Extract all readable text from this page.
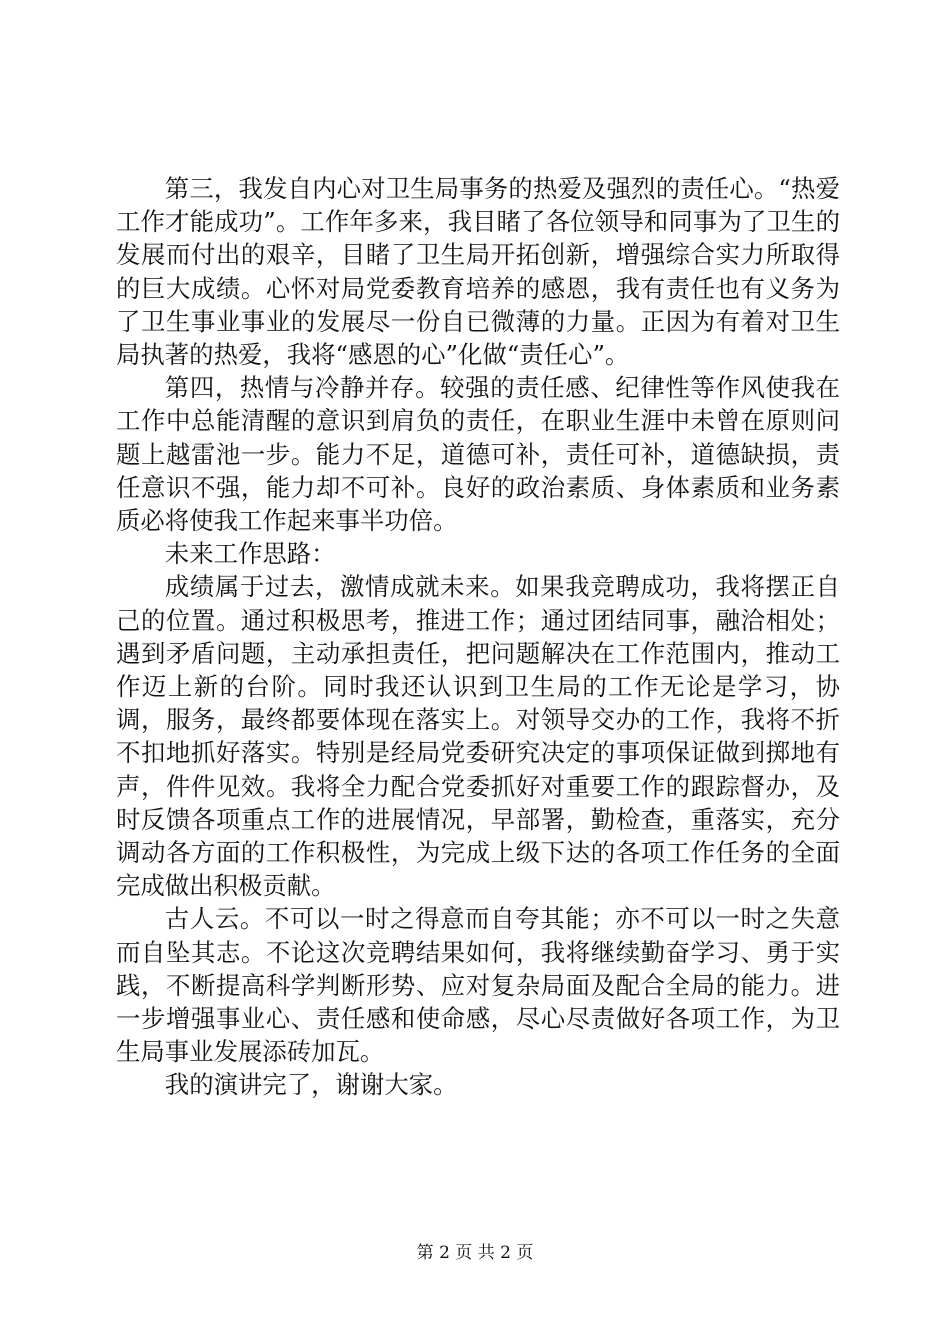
第三，我发自内心对卫生局事务的热爱及强烈的责任心。“热爱工作才能成功”。工作年多来，我目睹了各位领导和同事为了卫生的发展而付出的艰辛，目睹了卫生局开拓创新，增强综合实力所取得的巨大成绩。心怀对局党委教育培养的感恩，我有责任也有义务为了卫生事业事业的发展尽一份自已微薄的力量。正因为有着对卫生局执著的热爱，我将“感恩的心”化做“责任心”。

第四，热情与冷静并存。较强的责任感、纪律性等作风使我在工作中总能清醒的意识到肩负的责任，在职业生涯中未曾在原则问题上越雷池一步。能力不足，道德可补，责任可补，道德缺损，责任意识不强，能力却不可补。良好的政治素质、身体素质和业务素质必将使我工作起来事半功倍。

未来工作思路：

成绩属于过去，激情成就未来。如果我竞聘成功，我将摆正自己的位置。通过积极思考，推进工作；通过团结同事，融洽相处；遇到矛盾问题，主动承担责任，把问题解决在工作范围内，推动工作迈上新的台阶。同时我还认识到卫生局的工作无论是学习，协调，服务，最终都要体现在落实上。对领导交办的工作，我将不折不扣地抓好落实。特别是经局党委研究决定的事项保证做到掷地有声，件件见效。我将全力配合党委抓好对重要工作的跟踪督办，及时反馈各项重点工作的进展情况，早部署，勤检查，重落实，充分调动各方面的工作积极性，为完成上级下达的各项工作任务的全面完成做出积极贡献。

古人云。不可以一时之得意而自夸其能；亦不可以一时之失意而自坠其志。不论这次竞聘结果如何，我将继续勤奋学习、勇于实践，不断提高科学判断形势、应对复杂局面及配合全局的能力。进一步增强事业心、责任感和使命感，尽心尽责做好各项工作，为卫生局事业发展添砖加瓦。

我的演讲完了，谢谢大家。

第 2 页 共 2 页
